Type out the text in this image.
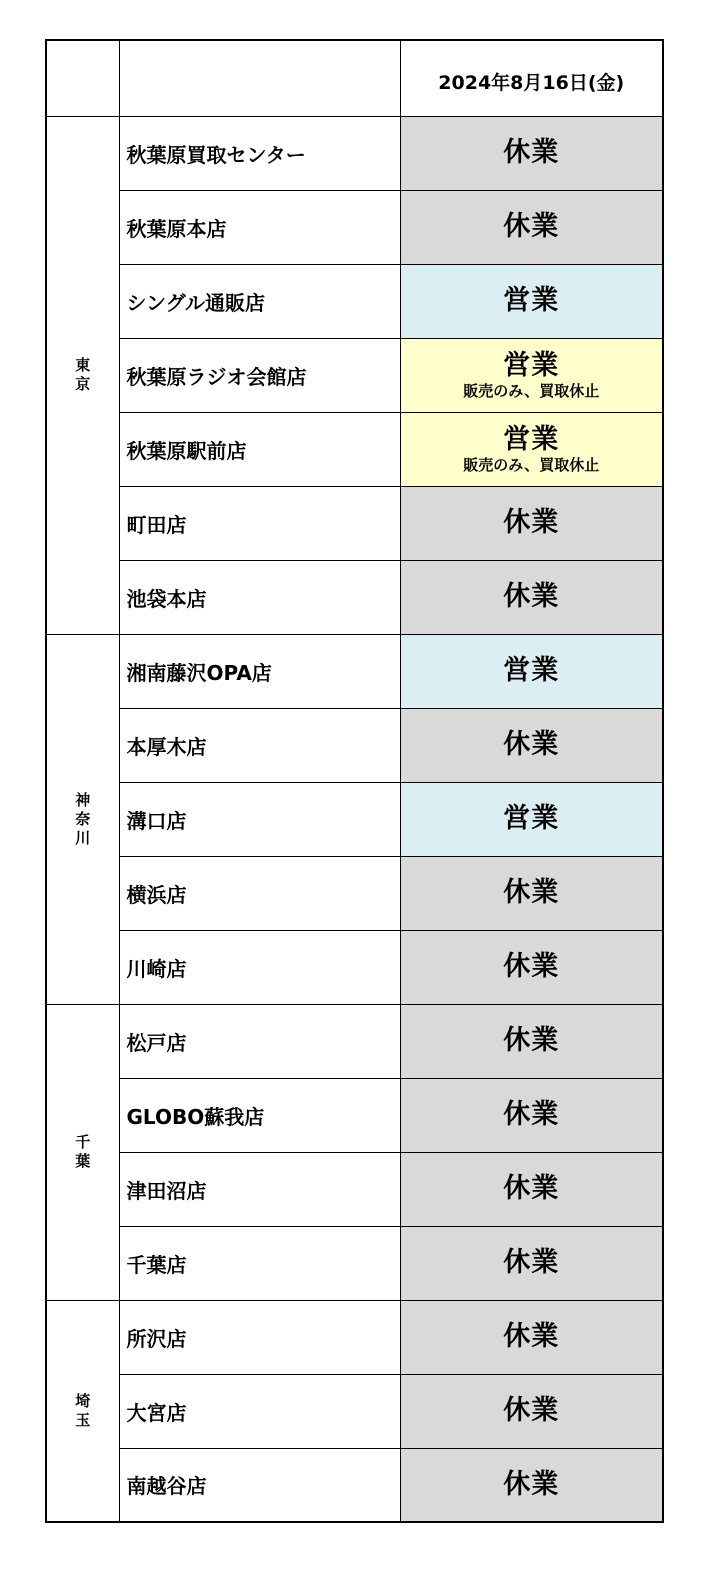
		2024年8月16日(金)
東京	秋葉原買取センター	休業

	秋葉原本店	休業

	シングル通販店	営業

	秋葉原ラジオ会館店	営業
販売のみ、買取休止

	秋葉原駅前店	営業
販売のみ、買取休止

	町田店	休業

	池袋本店	休業

神奈川	湘南藤沢OPA店	営業

	本厚木店	休業

	溝口店	営業

	横浜店	休業

	川崎店	休業

千葉	松戸店	休業

	GLOBO蘇我店	休業

	津田沼店	休業

	千葉店	休業

埼玉	所沢店	休業

	大宮店	休業

	南越谷店	休業
